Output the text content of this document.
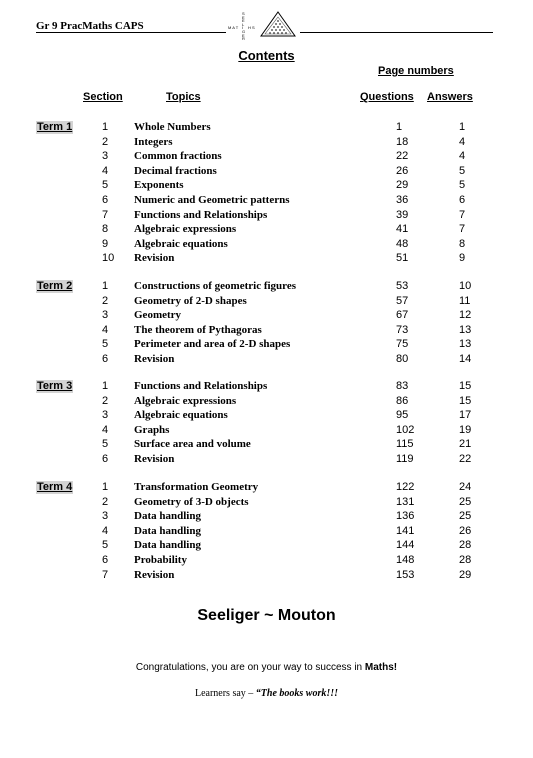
Gr 9 PracMaths CAPS	M A T H S
S E E L I G E R
Contents
Page numbers
Section	Topics	Questions Answers
Term 1	1 Whole Numbers	1	1
2 Integers	18	4
3 Common fractions	22	4
4 Decimal fractions	26	5
5 Exponents	29	5
6 Numeric and Geometric patterns	36	6
7 Functions and Relationships	39	7
8 Algebraic expressions	41	7
9 Algebraic equations	48	8
10 Revision	51	9
Term 2	1 Constructions of geometric figures	53	10
2 Geometry of 2-D shapes	57	11
3 Geometry	67	12
4 The theorem of Pythagoras	73	13
5 Perimeter and area of 2-D shapes	75	13
6 Revision	80	14
Term 3	1 Functions and Relationships	83	15
2 Algebraic expressions	86	15
3 Algebraic equations	95	17
4 Graphs	102	19
5 Surface area and volume	115	21
6 Revision	119	22
Term 4	1 Transformation Geometry	122	24
2 Geometry of 3-D objects	131	25
3 Data handling	136	25
4 Data handling	141	26
5 Data handling	144	28
6 Probability	148	28
7 Revision	153	29
Seeliger ~ Mouton
Congratulations, you are on your way to success in Maths!
Learners say – “The books work!!!
